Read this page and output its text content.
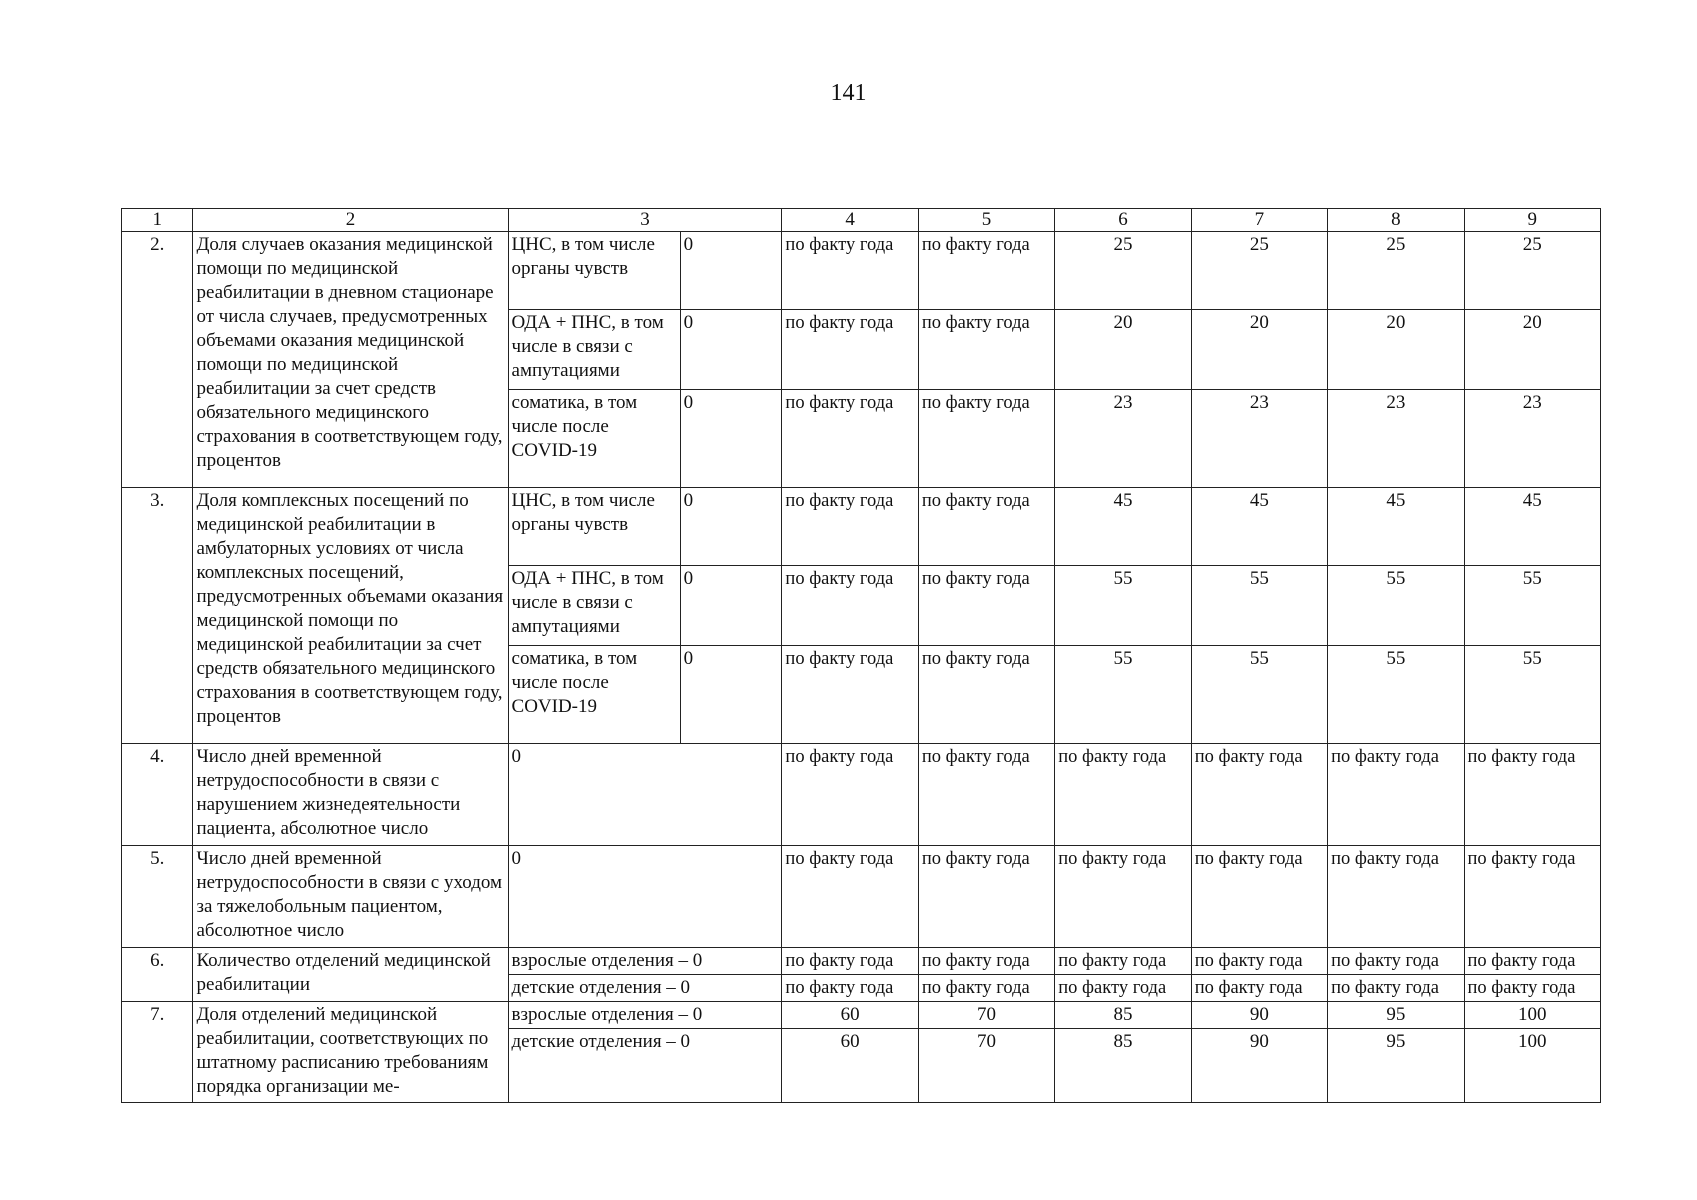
141
1	2	3		4	5	6	7	8	9
2.	Доля случаев оказания медицинской помощи по медицинской реабилитации в дневном стационаре от числа случаев, предусмотренных объемами оказания медицинской помощи по медицинской реабилитации за счет средств обязательного медицинского страхования в соответствующем году, процентов	ЦНС, в том числе органы чувств	0	по факту года	по факту года	25	25	25	25
		ОДА + ПНС, в том числе в связи с ампутациями	0	по факту года	по факту года	20	20	20	20
		соматика, в том числе после COVID-19	0	по факту года	по факту года	23	23	23	23
3.	Доля комплексных посещений по медицинской реабилитации в амбулаторных условиях от числа комплексных посещений, предусмотренных объемами оказания медицинской помощи по медицинской реабилитации за счет средств обязательного медицинского страхования в соответствующем году, процентов	ЦНС, в том числе органы чувств	0	по факту года	по факту года	45	45	45	45
		ОДА + ПНС, в том числе в связи с ампутациями	0	по факту года	по факту года	55	55	55	55
		соматика, в том числе после COVID-19	0	по факту года	по факту года	55	55	55	55
4.	Число дней временной нетрудоспособности в связи с нарушением жизнедеятельности пациента, абсолютное число	0		по факту года	по факту года	по факту года	по факту года	по факту года	по факту года
5.	Число дней временной нетрудоспособности в связи с уходом за тяжелобольным пациентом, абсолютное число	0		по факту года	по факту года	по факту года	по факту года	по факту года	по факту года
6.	Количество отделений медицинской реабилитации	взрослые отделения – 0		по факту года	по факту года	по факту года	по факту года	по факту года	по факту года
		детские отделения – 0		по факту года	по факту года	по факту года	по факту года	по факту года	по факту года
7.	Доля отделений медицинской реабилитации, соответствующих по штатному расписанию требованиям порядка организации ме-	взрослые отделения – 0		60	70	85	90	95	100
		детские отделения – 0		60	70	85	90	95	100
